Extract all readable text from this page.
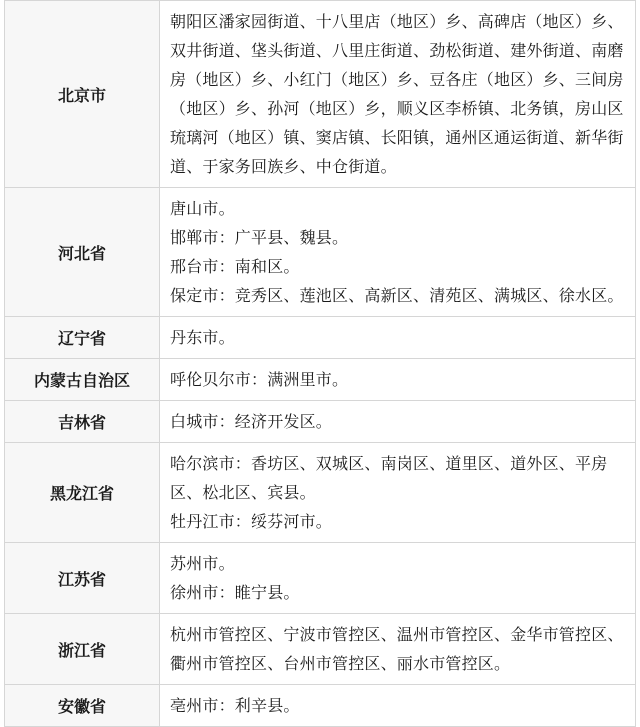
北京市	朝阳区潘家园街道、十八里店（地区）乡、高碑店（地区）乡、双井街道、垡头街道、八里庄街道、劲松街道、建外街道、南磨房（地区）乡、小红门（地区）乡、豆各庄（地区）乡、三间房（地区）乡、孙河（地区）乡，顺义区李桥镇、北务镇，房山区琉璃河（地区）镇、窦店镇、长阳镇，通州区通运街道、新华街道、于家务回族乡、中仓街道。

河北省	唐山市。
邯郸市：广平县、魏县。
邢台市：南和区。
保定市：竞秀区、莲池区、高新区、清苑区、满城区、徐水区。

辽宁省	丹东市。

内蒙古自治区	呼伦贝尔市：满洲里市。

吉林省	白城市：经济开发区。

黑龙江省	哈尔滨市：香坊区、双城区、南岗区、道里区、道外区、平房区、松北区、宾县。
牡丹江市：绥芬河市。

江苏省	苏州市。
徐州市：睢宁县。

浙江省	杭州市管控区、宁波市管控区、温州市管控区、金华市管控区、衢州市管控区、台州市管控区、丽水市管控区。

安徽省	亳州市：利辛县。
